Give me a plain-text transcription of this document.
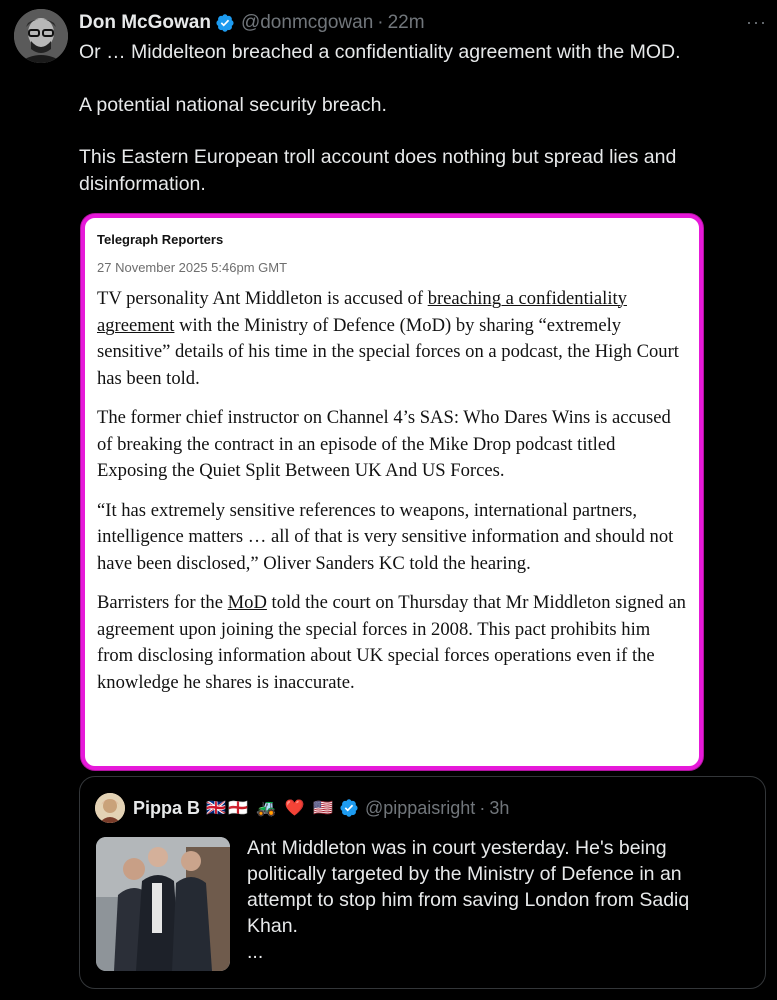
Don McGowan @donmcgowan · 22m	···

Or … Middelteon breached a confidentiality agreement with the MOD.

A potential national security breach.

This Eastern European troll account does nothing but spread lies and disinformation.

Telegraph Reporters
27 November 2025 5:46pm GMT

TV personality Ant Middleton is accused of breaching a confidentiality agreement with the Ministry of Defence (MoD) by sharing “extremely sensitive” details of his time in the special forces on a podcast, the High Court has been told.

The former chief instructor on Channel 4’s SAS: Who Dares Wins is accused of breaking the contract in an episode of the Mike Drop podcast titled Exposing the Quiet Split Between UK And US Forces.

“It has extremely sensitive references to weapons, international partners, intelligence matters … all of that is very sensitive information and should not have been disclosed,” Oliver Sanders KC told the hearing.

Barristers for the MoD told the court on Thursday that Mr Middleton signed an agreement upon joining the special forces in 2008. This pact prohibits him from disclosing information about UK special forces operations even if the knowledge he shares is inaccurate.

Pippa B 🇬🇧🏴󠁧󠁢󠁥󠁮󠁧󠁿 🚜 ❤️ 🇺🇸 @pippaisright · 3h
Ant Middleton was in court yesterday. He's being politically targeted by the Ministry of Defence in an attempt to stop him from saving London from Sadiq Khan.
...
